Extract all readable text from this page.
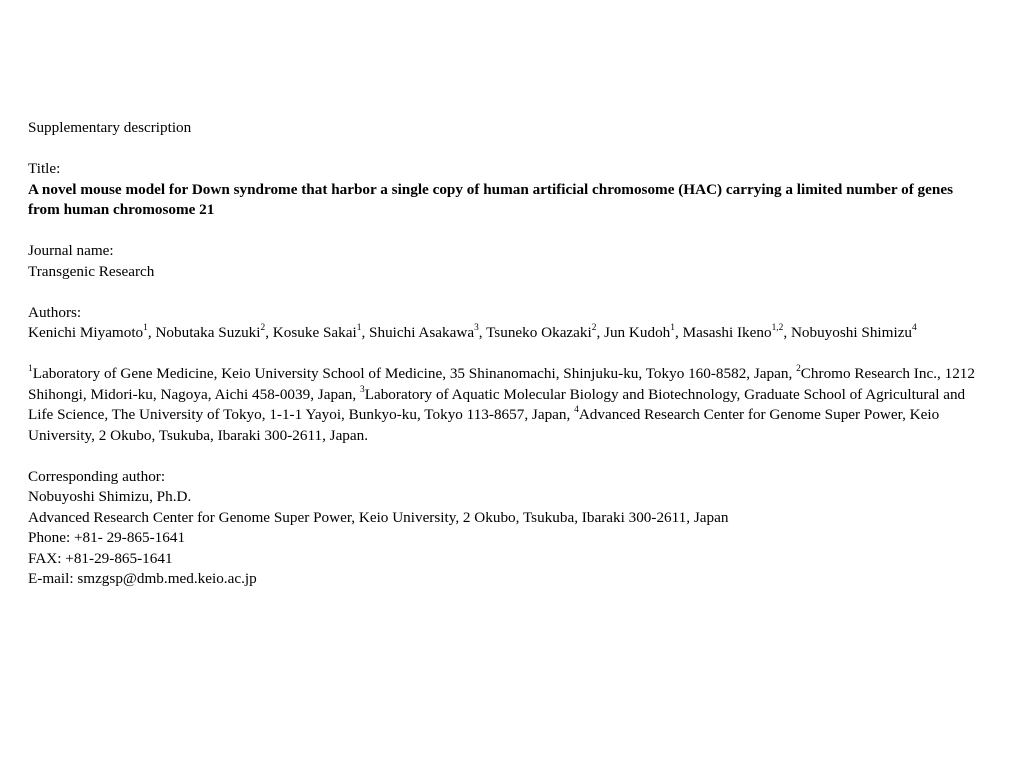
Supplementary description

Title:

A novel mouse model for Down syndrome that harbor a single copy of human artificial chromosome (HAC) carrying a limited number of genes from human chromosome 21

Journal name:

Transgenic Research

Authors:

Kenichi Miyamoto$^1$, Nobutaka Suzuki$^2$, Kosuke Sakai$^1$, Shuichi Asakawa$^3$, Tsuneko Okazaki$^2$, Jun Kudoh$^1$, Masashi Ikeno$^{1,2}$, Nobuyoshi Shimizu$^4$

$^1$Laboratory of Gene Medicine, Keio University School of Medicine, 35 Shinanomachi, Shinjuku-ku, Tokyo 160-8582, Japan, $^2$Chromo Research Inc., 1212 Shihongi, Midori-ku, Nagoya, Aichi 458-0039, Japan, $^3$Laboratory of Aquatic Molecular Biology and Biotechnology, Graduate School of Agricultural and Life Science, The University of Tokyo, 1-1-1 Yayoi, Bunkyo-ku, Tokyo 113-8657, Japan, $^4$Advanced Research Center for Genome Super Power, Keio University, 2 Okubo, Tsukuba, Ibaraki 300-2611, Japan.

Corresponding author:

Nobuyoshi Shimizu, Ph.D.

Advanced Research Center for Genome Super Power, Keio University, 2 Okubo, Tsukuba, Ibaraki 300-2611, Japan

Phone: +81- 29-865-1641

FAX: +81-29-865-1641

E-mail: smzgsp@dmb.med.keio.ac.jp
